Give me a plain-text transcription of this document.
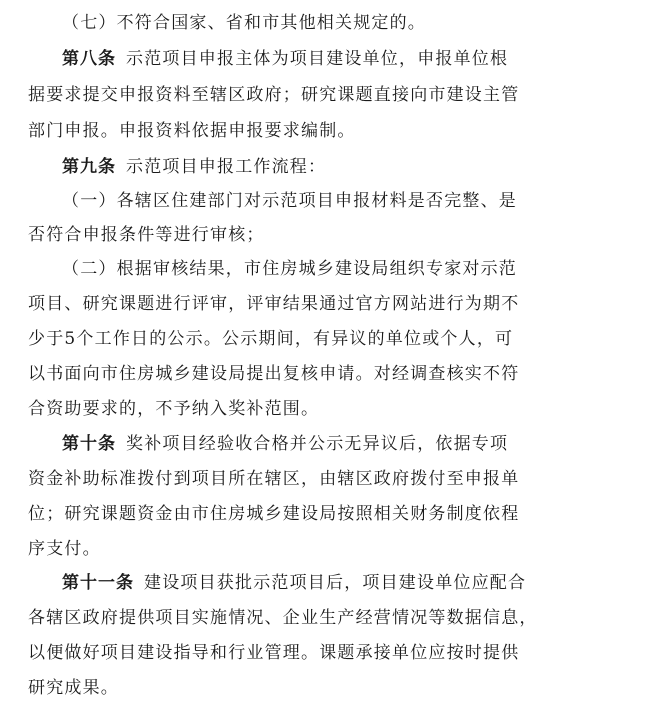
（七）不符合国家、省和市其他相关规定的。
第八条 示范项目申报主体为项目建设单位，申报单位根
据要求提交申报资料至辖区政府；研究课题直接向市建设主管
部门申报。申报资料依据申报要求编制。
第九条 示范项目申报工作流程：
（一）各辖区住建部门对示范项目申报材料是否完整、是
否符合申报条件等进行审核；
（二）根据审核结果，市住房城乡建设局组织专家对示范
项目、研究课题进行评审，评审结果通过官方网站进行为期不
少于5个工作日的公示。公示期间，有异议的单位或个人，可
以书面向市住房城乡建设局提出复核申请。对经调查核实不符
合资助要求的，不予纳入奖补范围。
第十条 奖补项目经验收合格并公示无异议后，依据专项
资金补助标准拨付到项目所在辖区，由辖区政府拨付至申报单
位；研究课题资金由市住房城乡建设局按照相关财务制度依程
序支付。
第十一条 建设项目获批示范项目后，项目建设单位应配合
各辖区政府提供项目实施情况、企业生产经营情况等数据信息，
以便做好项目建设指导和行业管理。课题承接单位应按时提供
研究成果。
